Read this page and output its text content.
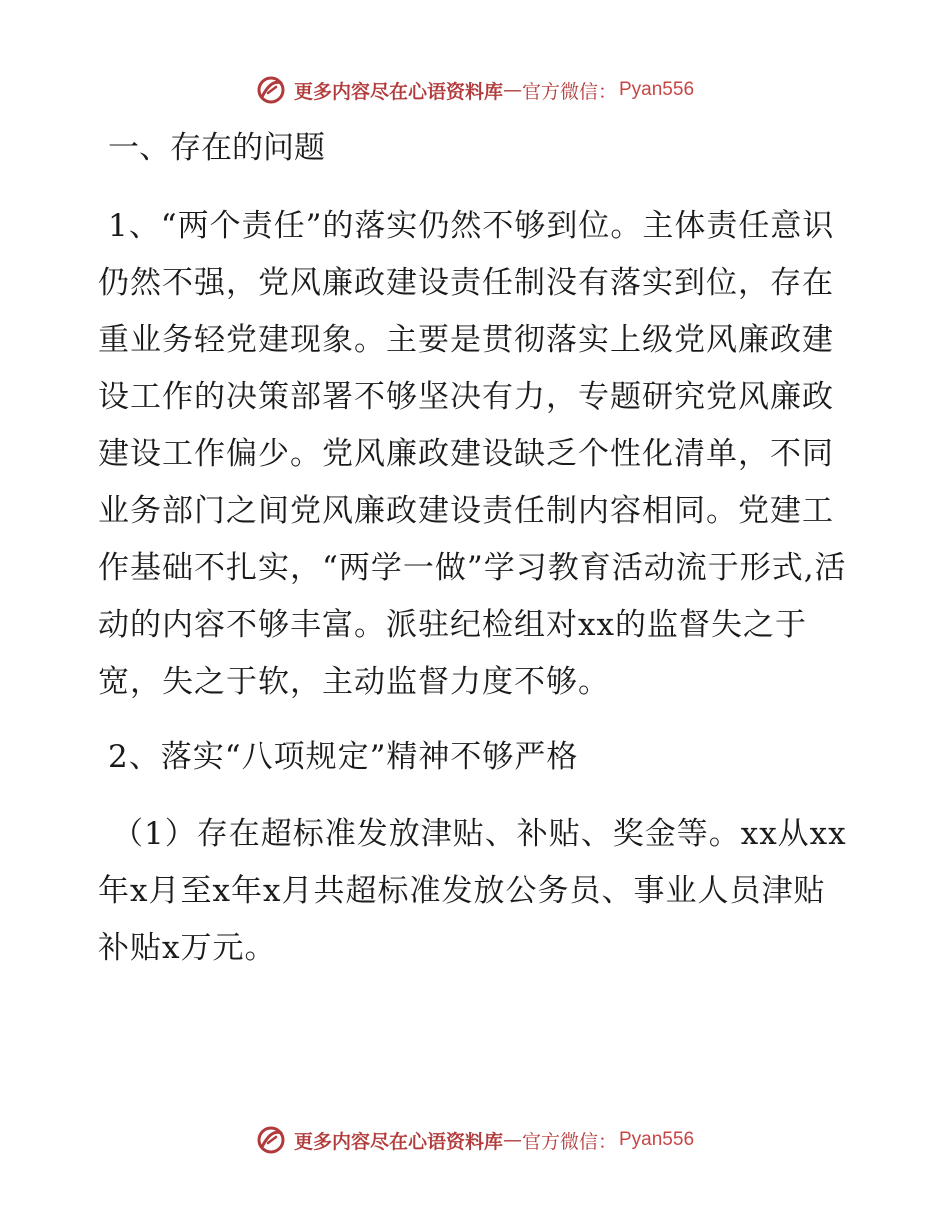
更多内容尽在心语资料库 — 官方微信： Pyan556
一、存在的问题

1、“两个责任”的落实仍然不够到位。主体责任意识仍然不强，党风廉政建设责任制没有落实到位，存在重业务轻党建现象。主要是贯彻落实上级党风廉政建设工作的决策部署不够坚决有力，专题研究党风廉政建设工作偏少。党风廉政建设缺乏个性化清单，不同业务部门之间党风廉政建设责任制内容相同。党建工作基础不扎实，“两学一做”学习教育活动流于形式,活动的内容不够丰富。派驻纪检组对xx的监督失之于宽，失之于软，主动监督力度不够。

2、落实“八项规定”精神不够严格

（1）存在超标准发放津贴、补贴、奖金等。xx从xx年x月至x年x月共超标准发放公务员、事业人员津贴补贴x万元。

更多内容尽在心语资料库 — 官方微信： Pyan556
